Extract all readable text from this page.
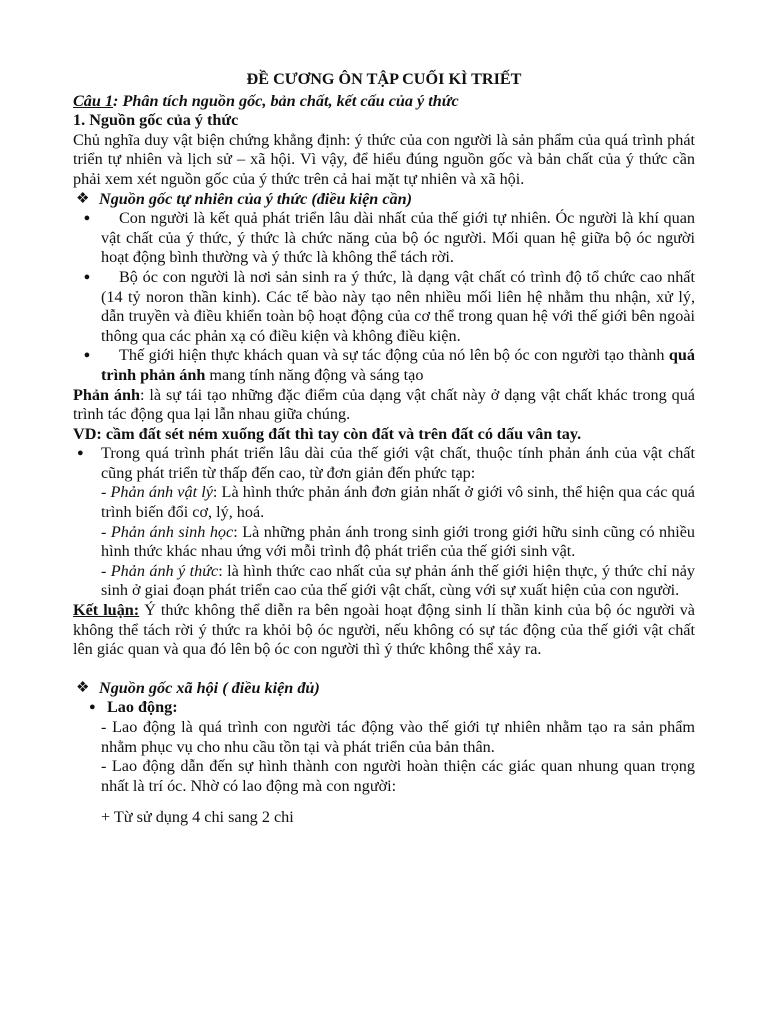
ĐỀ CƯƠNG ÔN TẬP CUỐI KÌ TRIẾT

Câu 1: Phân tích nguồn gốc, bản chất, kết cấu của ý thức

1. Nguồn gốc của ý thức

Chủ nghĩa duy vật biện chứng khẳng định: ý thức của con người là sản phẩm của quá trình phát triển tự nhiên và lịch sử – xã hội. Vì vậy, để hiểu đúng nguồn gốc và bản chất của ý thức cần phải xem xét nguồn gốc của ý thức trên cả hai mặt tự nhiên và xã hội.

❖ Nguồn gốc tự nhiên của ý thức (điều kiện cần)

●	Con người là kết quả phát triển lâu dài nhất của thế giới tự nhiên. Óc người là khí quan vật chất của ý thức, ý thức là chức năng của bộ óc người. Mối quan hệ giữa bộ óc người hoạt động bình thường và ý thức là không thể tách rời.

●	Bộ óc con người là nơi sản sinh ra ý thức, là dạng vật chất có trình độ tổ chức cao nhất (14 tỷ noron thần kinh). Các tế bào này tạo nên nhiều mối liên hệ nhằm thu nhận, xử lý, dẫn truyền và điều khiển toàn bộ hoạt động của cơ thể trong quan hệ với thế giới bên ngoài thông qua các phản xạ có điều kiện và không điều kiện.

●	Thế giới hiện thực khách quan và sự tác động của nó lên bộ óc con người tạo thành quá trình phản ánh mang tính năng động và sáng tạo

Phản ánh: là sự tái tạo những đặc điểm của dạng vật chất này ở dạng vật chất khác trong quá trình tác động qua lại lẫn nhau giữa chúng.

VD: cầm đất sét ném xuống đất thì tay còn đất và trên đất có dấu vân tay.

● Trong quá trình phát triển lâu dài của thế giới vật chất, thuộc tính phản ánh của vật chất cũng phát triển từ thấp đến cao, từ đơn giản đến phức tạp:

- Phản ánh vật lý: Là hình thức phản ánh đơn giản nhất ở giới vô sinh, thể hiện qua các quá trình biến đổi cơ, lý, hoá.

- Phản ánh sinh học: Là những phản ánh trong sinh giới trong giới hữu sinh cũng có nhiều hình thức khác nhau ứng với mỗi trình độ phát triển của thế giới sinh vật.

- Phản ánh ý thức: là hình thức cao nhất của sự phản ánh thế giới hiện thực, ý thức chỉ nảy sinh ở giai đoạn phát triển cao của thế giới vật chất, cùng với sự xuất hiện của con người.

Kết luận: Ý thức không thể diễn ra bên ngoài hoạt động sinh lí thần kinh của bộ óc người và không thể tách rời ý thức ra khỏi bộ óc người, nếu không có sự tác động của thế giới vật chất lên giác quan và qua đó lên bộ óc con người thì ý thức không thể xảy ra.

❖ Nguồn gốc xã hội ( điều kiện đủ)

● Lao động:

- Lao động là quá trình con người tác động vào thế giới tự nhiên nhằm tạo ra sản phẩm nhằm phục vụ cho nhu cầu tồn tại và phát triển của bản thân.

- Lao động dẫn đến sự hình thành con người hoàn thiện các giác quan nhung quan trọng nhất là trí óc. Nhờ có lao động mà con người:

+ Từ sử dụng 4 chi sang 2 chi
